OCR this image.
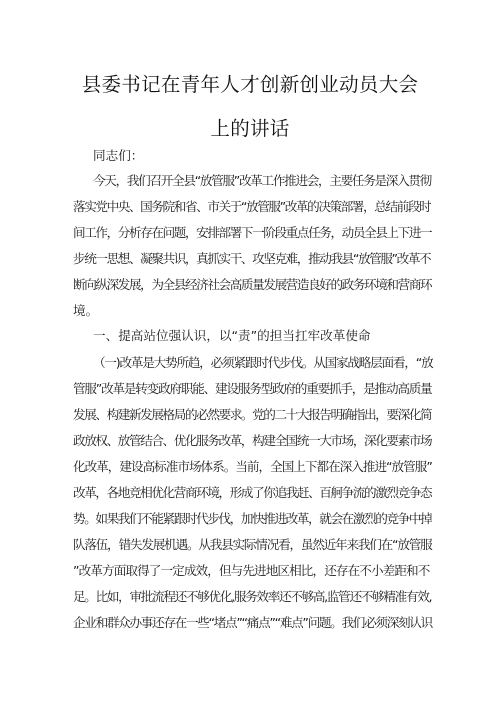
县委书记在青年人才创新创业动员大会
上的讲话
同志们：
今天，我们召开全县“放管服”改革工作推进会，主要任务是深入贯彻
落实党中央、国务院和省、市关于“放管服”改革的决策部署，总结前段时
间工作，分析存在问题，安排部署下一阶段重点任务，动员全县上下进一
步统一思想、凝聚共识，真抓实干、攻坚克难，推动我县“放管服”改革不
断向纵深发展，为全县经济社会高质量发展营造良好的政务环境和营商环
境。
一、提高站位强认识，以“责”的担当扛牢改革使命
（一)改革是大势所趋，必须紧跟时代步伐。从国家战略层面看，“放
管服”改革是转变政府职能、建设服务型政府的重要抓手，是推动高质量
发展、构建新发展格局的必然要求。党的二十大报告明确指出，要深化简
政放权、放管结合、优化服务改革，构建全国统一大市场，深化要素市场
化改革，建设高标准市场体系。当前，全国上下都在深入推进“放管服”
改革，各地竞相优化营商环境，形成了你追我赶、百舸争流的激烈竞争态
势。如果我们不能紧跟时代步伐，加快推进改革，就会在激烈的竞争中掉
队落伍，错失发展机遇。从我县实际情况看，虽然近年来我们在“放管服
”改革方面取得了一定成效，但与先进地区相比，还存在不小差距和不
足。比如，审批流程还不够优化,服务效率还不够高,监管还不够精准有效,
企业和群众办事还存在一些“堵点”“痛点”“难点”问题。我们必须深刻认识
